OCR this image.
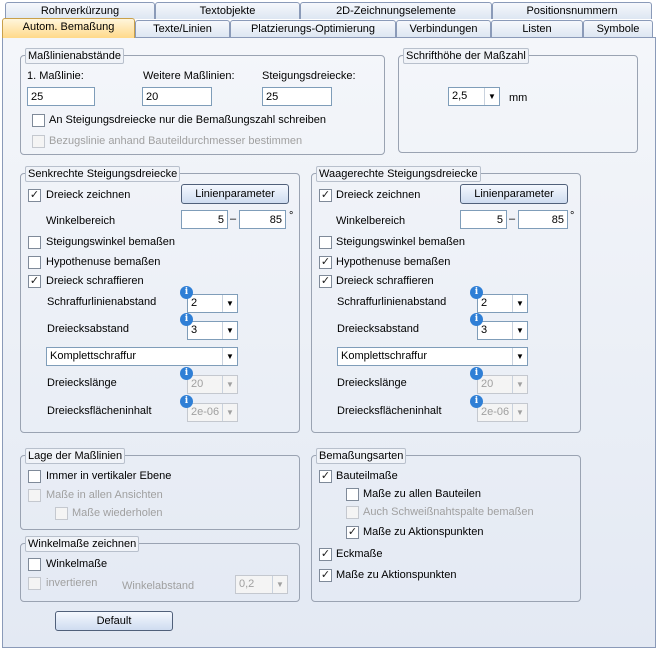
Rohrverkürzung	Textobjekte	2D-Zeichnungselemente	Positionsnummern
Autom. Bemaßung	Texte/Linien	Platzierungs-Optimierung	Verbindungen	Listen	Symbole
Maßlinienabstände
1. Maßlinie:
25	Weitere Maßlinien:
20	Steigungsdreiecke:
25
An Steigungsdreiecke nur die Bemaßungszahl schreiben
Bezugslinie anhand Bauteildurchmesser bestimmen
Schrifthöhe der Maßzahl
2,5	▼ mm
Senkrechte Steigungsdreiecke
✓ Dreieck zeichnen	Linienparameter
Winkelbereich
5	–
85	°
Steigungswinkel bemaßen
Hypothenuse bemaßen
✓ Dreieck schraffieren
Schraffurlinienabstand
i
2	▼
Dreiecksabstand
i
3	▼
Komplettschraffur	▼
Dreieckslänge
i
20	▼
Dreiecksflächeninhalt
i
2e-06 ▼
Waagerechte Steigungsdreiecke
✓ Dreieck zeichnen	Linienparameter
Winkelbereich
5	–
85	°
Steigungswinkel bemaßen
✓ Hypothenuse bemaßen
✓ Dreieck schraffieren
Schraffurlinienabstand
i
2	▼
Dreiecksabstand
i
3	▼
Komplettschraffur	▼
Dreieckslänge
i
20	▼
Dreiecksflächeninhalt
i
2e-06 ▼
Lage der Maßlinien
Immer in vertikaler Ebene
Maße in allen Ansichten
Maße wiederholen
Winkelmaße zeichnen
Winkelmaße
invertieren Winkelabstand	0,2	▼
Bemaßungsarten
✓ Bauteilmaße
Maße zu allen Bauteilen
Auch Schweißnahtspalte bemaßen
✓ Maße zu Aktionspunkten
✓ Eckmaße
✓ Maße zu Aktionspunkten
Default
